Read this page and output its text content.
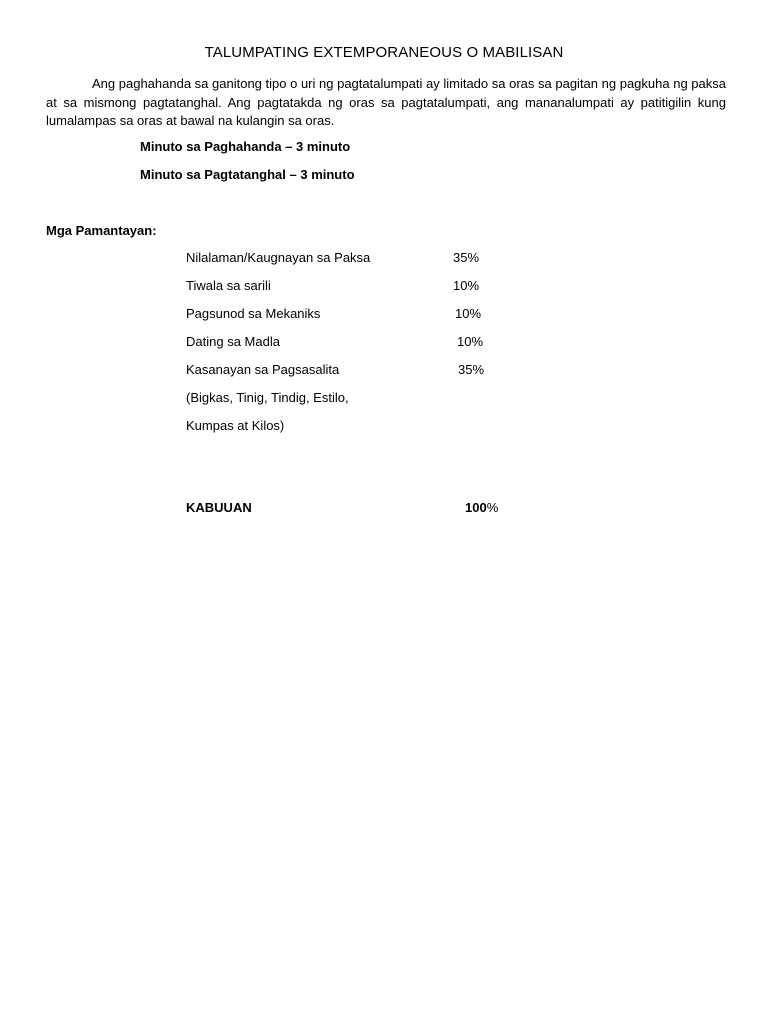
TALUMPATING EXTEMPORANEOUS O MABILISAN

Ang paghahanda sa ganitong tipo o uri ng pagtatalumpati ay limitado sa oras sa pagitan ng pagkuha ng paksa at sa mismong pagtatanghal. Ang pagtatakda ng oras sa pagtatalumpati, ang mananalumpati ay patitigilin kung lumalampas sa oras at bawal na kulangin sa oras.

Minuto sa Paghahanda – 3 minuto
Minuto sa Pagtatanghal – 3 minuto
Mga Pamantayan:
Nilalaman/Kaugnayan sa Paksa	35%
Tiwala sa sarili	10%
Pagsunod sa Mekaniks	10%
Dating sa Madla	10%
Kasanayan sa Pagsasalita	35%
(Bigkas, Tinig, Tindig, Estilo,
Kumpas at Kilos)
KABUUAN	100%
